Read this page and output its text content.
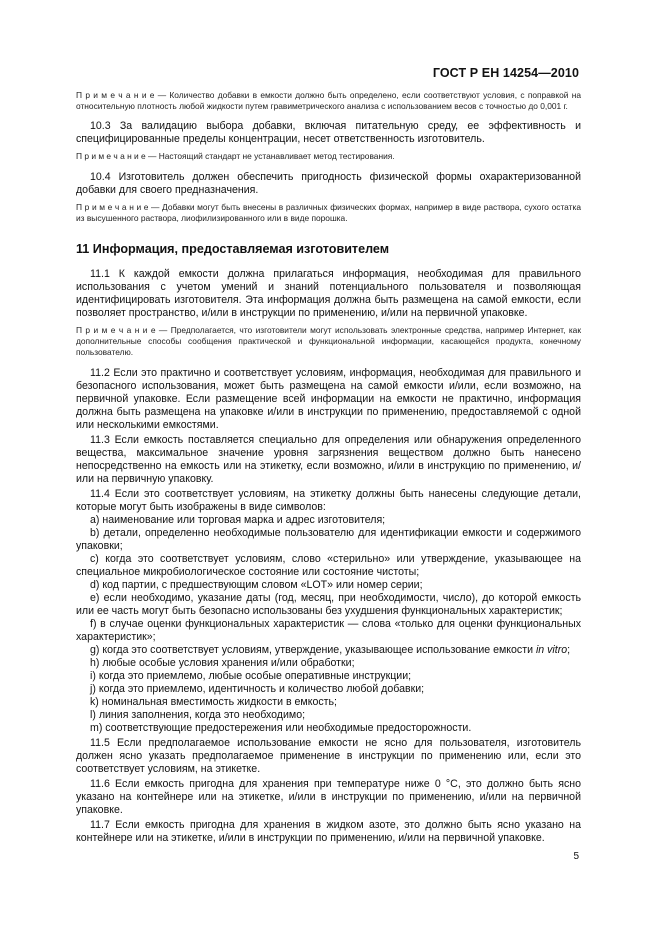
ГОСТ Р ЕН 14254—2010

П р и м е ч а н и е — Количество добавки в емкости должно быть определено, если соответствуют условия, с поправкой на относительную плотность любой жидкости путем гравиметрического анализа с использованием весов с точностью до 0,001 г.

10.3 За валидацию выбора добавки, включая питательную среду, ее эффективность и специфицированные пределы концентрации, несет ответственность изготовитель.

П р и м е ч а н и е — Настоящий стандарт не устанавливает метод тестирования.

10.4 Изготовитель должен обеспечить пригодность физической формы охарактеризованной добавки для своего предназначения.

П р и м е ч а н и е — Добавки могут быть внесены в различных физических формах, например в виде раствора, сухого остатка из высушенного раствора, лиофилизированного или в виде порошка.

11 Информация, предоставляемая изготовителем

11.1 К каждой емкости должна прилагаться информация, необходимая для правильного использования с учетом умений и знаний потенциального пользователя и позволяющая идентифицировать изготовителя. Эта информация должна быть размещена на самой емкости, если позволяет пространство, и/или в инструкции по применению, и/или на первичной упаковке.

П р и м е ч а н и е — Предполагается, что изготовители могут использовать электронные средства, например Интернет, как дополнительные способы сообщения практической и функциональной информации, касающейся продукта, конечному пользователю.

11.2 Если это практично и соответствует условиям, информация, необходимая для правильного и безопасного использования, может быть размещена на самой емкости и/или, если возможно, на первичной упаковке. Если размещение всей информации на емкости не практично, информация должна быть размещена на упаковке и/или в инструкции по применению, предоставляемой с одной или несколькими емкостями.

11.3 Если емкость поставляется специально для определения или обнаружения определенного вещества, максимальное значение уровня загрязнения веществом должно быть нанесено непосредственно на емкость или на этикетку, если возможно, и/или в инструкцию по применению, и/или на первичную упаковку.

11.4 Если это соответствует условиям, на этикетку должны быть нанесены следующие детали, которые могут быть изображены в виде символов:

a) наименование или торговая марка и адрес изготовителя;

b) детали, определенно необходимые пользователю для идентификации емкости и содержимого упаковки;

c) когда это соответствует условиям, слово «стерильно» или утверждение, указывающее на специальное микробиологическое состояние или состояние чистоты;

d) код партии, с предшествующим словом «LOT» или номер серии;

e) если необходимо, указание даты (год, месяц, при необходимости, число), до которой емкость или ее часть могут быть безопасно использованы без ухудшения функциональных характеристик;

f) в случае оценки функциональных характеристик — слова «только для оценки функциональных характеристик»;

g) когда это соответствует условиям, утверждение, указывающее использование емкости in vitro;

h) любые особые условия хранения и/или обработки;

i) когда это приемлемо, любые особые оперативные инструкции;

j) когда это приемлемо, идентичность и количество любой добавки;

k) номинальная вместимость жидкости в емкость;

l) линия заполнения, когда это необходимо;

m) соответствующие предостережения или необходимые предосторожности.

11.5 Если предполагаемое использование емкости не ясно для пользователя, изготовитель должен ясно указать предполагаемое применение в инструкции по применению или, если это соответствует условиям, на этикетке.

11.6 Если емкость пригодна для хранения при температуре ниже 0 °С, это должно быть ясно указано на контейнере или на этикетке, и/или в инструкции по применению, и/или на первичной упаковке.

11.7 Если емкость пригодна для хранения в жидком азоте, это должно быть ясно указано на контейнере или на этикетке, и/или в инструкции по применению, и/или на первичной упаковке.

5
